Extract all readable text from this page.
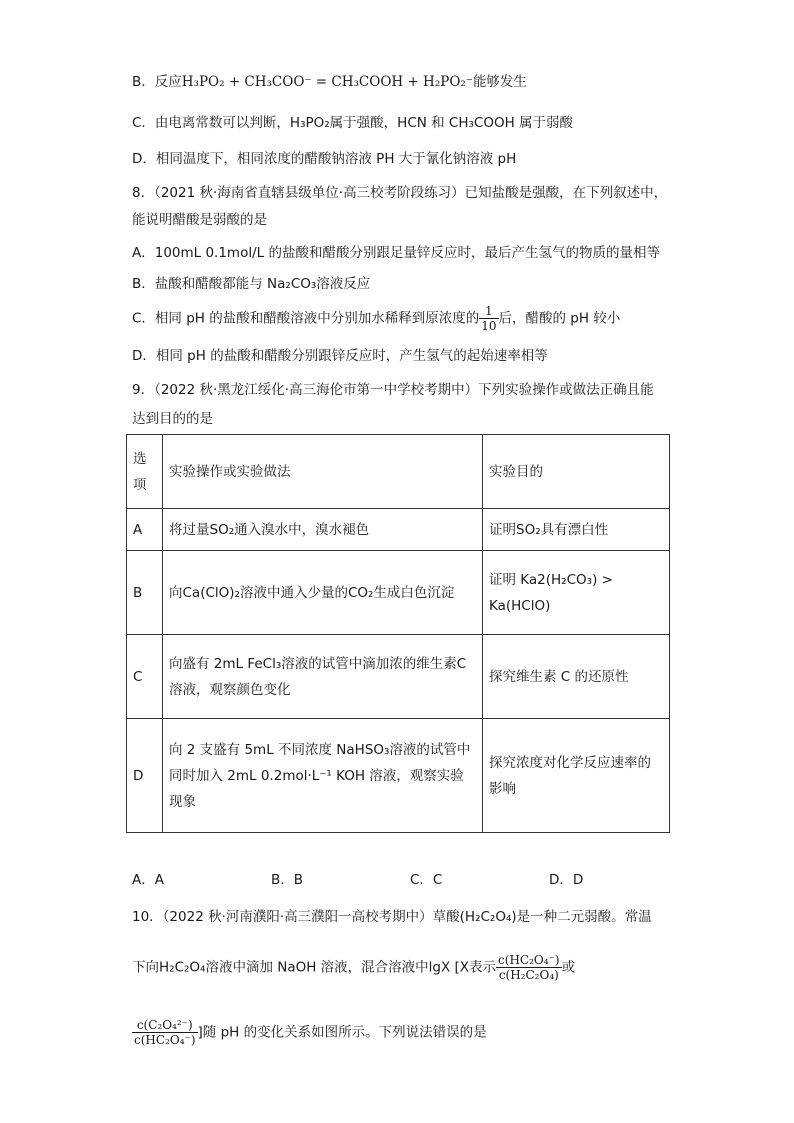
B．反应H₃PO₂ + CH₃COO⁻ = CH₃COOH + H₂PO₂⁻能够发生
C．由电离常数可以判断，H₃PO₂属于强酸，HCN 和 CH₃COOH 属于弱酸
D．相同温度下，相同浓度的醋酸钠溶液 PH 大于氰化钠溶液 pH
8．（2021 秋·海南省直辖县级单位·高三校考阶段练习）已知盐酸是强酸，在下列叙述中，
能说明醋酸是弱酸的是
A．100mL 0.1mol/L 的盐酸和醋酸分别跟足量锌反应时，最后产生氢气的物质的量相等
B．盐酸和醋酸都能与 Na₂CO₃溶液反应
C．相同 pH 的盐酸和醋酸溶液中分别加水稀释到原浓度的 $\frac{1}{10}$ 后，醋酸的 pH 较小
D．相同 pH 的盐酸和醋酸分别跟锌反应时，产生氢气的起始速率相等
9．（2022 秋·黑龙江绥化·高三海伦市第一中学校考期中）下列实验操作或做法正确且能
达到目的的是
选项	实验操作或实验做法	实验目的
A	将过量SO₂通入溴水中，溴水褪色	证明SO₂具有漂白性
B	向Ca(ClO)₂溶液中通入少量的CO₂生成白色沉淀	证明 Ka2(H₂CO₃) > Ka(HClO)
C	向盛有 2mL FeCl₃溶液的试管中滴加浓的维生素C溶液，观察颜色变化	探究维生素 C 的还原性
D	向 2 支盛有 5mL 不同浓度 NaHSO₃溶液的试管中同时加入 2mL 0.2mol·L⁻¹ KOH 溶液，观察实验现象	探究浓度对化学反应速率的影响
A．A	B．B	C．C	D．D
10．（2022 秋·河南濮阳·高三濮阳一高校考期中）草酸(H₂C₂O₄)是一种二元弱酸。常温
下向H₂C₂O₄溶液中滴加 NaOH 溶液，混合溶液中lgX [X表示 $\frac{\text{c(HC₂O₄⁻)}}{\text{c(H₂C₂O₄)}}$ 或
$\frac{\text{c(C₂O₄²⁻)}}{\text{c(HC₂O₄⁻)}}$ ]随 pH 的变化关系如图所示。下列说法错误的是
